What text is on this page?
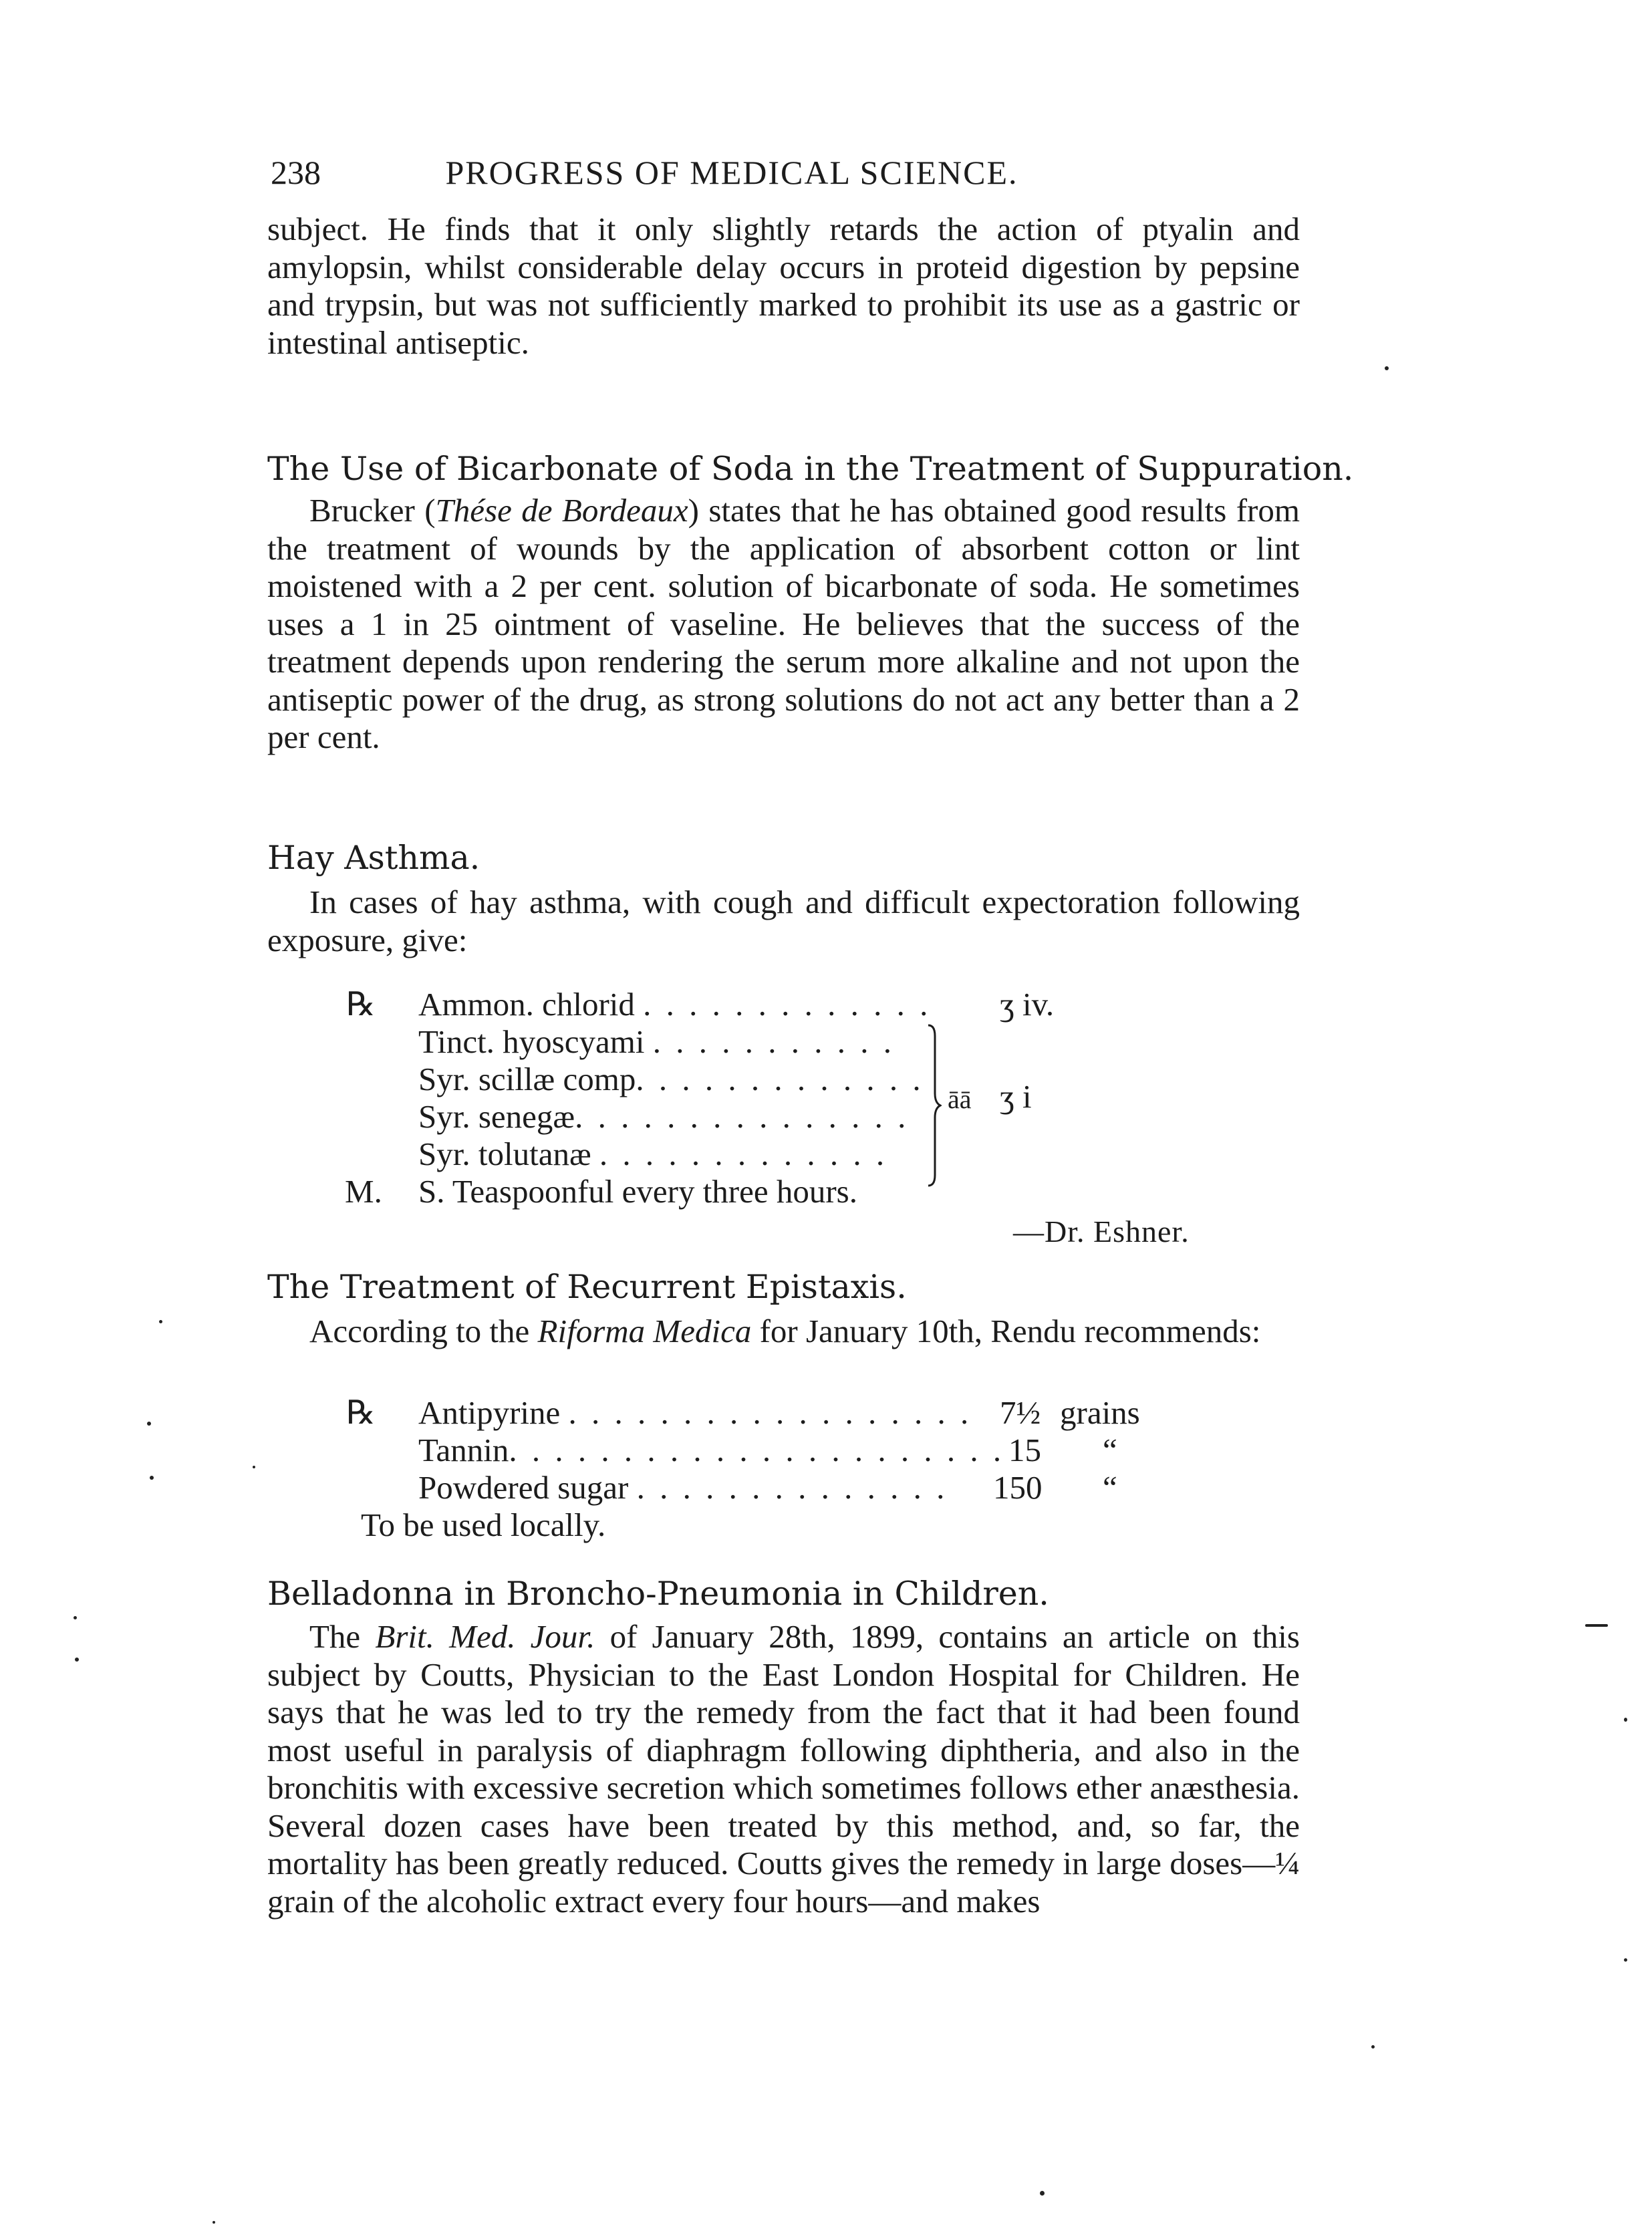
238	PROGRESS OF MEDICAL SCIENCE.

subject. He finds that it only slightly retards the action of ptyalin and amylopsin, whilst considerable delay occurs in proteid digestion by pepsine and trypsin, but was not sufficiently marked to prohibit its use as a gastric or intestinal antiseptic.

The Use of Bicarbonate of Soda in the Treatment of Suppuration.

Brucker (Thése de Bordeaux) states that he has obtained good results from the treatment of wounds by the application of absorbent cotton or lint moistened with a 2 per cent. solution of bicarbonate of soda. He sometimes uses a 1 in 25 ointment of vaseline. He believes that the success of the treatment depends upon rendering the serum more alkaline and not upon the antiseptic power of the drug, as strong solutions do not act any better than a 2 per cent.

Hay Asthma.

In cases of hay asthma, with cough and difficult expectoration following exposure, give:

℞ Ammon. chlorid . . . . . . . . . . . . . ʒ iv.
Tinct. hyoscyami . . . . . . . . . . .
Syr. scillæ comp. . . . . . . . . . . . .
Syr. senegæ. . . . . . . . . . . . . . .
Syr. tolutanæ . . . . . . . . . . . . .
āā ʒ i
M. S. Teaspoonful every three hours.
—Dr. Eshner.

The Treatment of Recurrent Epistaxis.

According to the Riforma Medica for January 10th, Rendu recommends:

℞ Antipyrine . . . . . . . . . . . . . . . . . . 7½ grains
Tannin. . . . . . . . . . . . . . . . . . . . . . 15 “
Powdered sugar . . . . . . . . . . . . . . 150 “
To be used locally.

Belladonna in Broncho-Pneumonia in Children.

The Brit. Med. Jour. of January 28th, 1899, contains an article on this subject by Coutts, Physician to the East London Hospital for Children. He says that he was led to try the remedy from the fact that it had been found most useful in paralysis of diaphragm following diphtheria, and also in the bronchitis with excessive secretion which sometimes follows ether anæsthesia. Several dozen cases have been treated by this method, and, so far, the mortality has been greatly reduced. Coutts gives the remedy in large doses—¼ grain of the alcoholic extract every four hours—and makes
